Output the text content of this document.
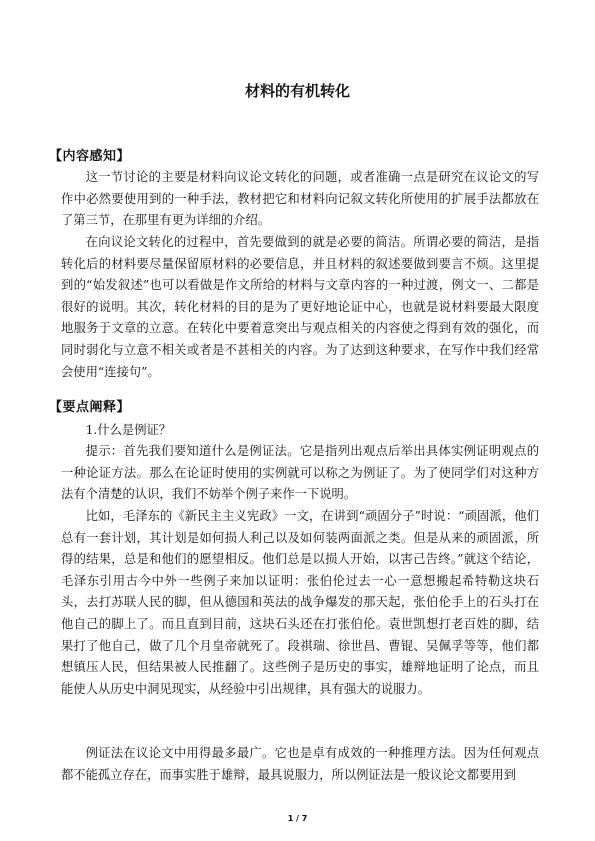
材料的有机转化
【内容感知】

这一节讨论的主要是材料向议论文转化的问题，或者准确一点是研究在议论文的写作中必然要使用到的一种手法，教材把它和材料向记叙文转化所使用的扩展手法都放在了第三节，在那里有更为详细的介绍。

在向议论文转化的过程中，首先要做到的就是必要的简洁。所谓必要的简洁，是指转化后的材料要尽量保留原材料的必要信息，并且材料的叙述要做到要言不烦。这里提到的“始发叙述”也可以看做是作文所给的材料与文章内容的一种过渡，例文一、二都是很好的说明。其次，转化材料的目的是为了更好地论证中心，也就是说材料要最大限度地服务于文章的立意。在转化中要着意突出与观点相关的内容使之得到有效的强化，而同时弱化与立意不相关或者是不甚相关的内容。为了达到这种要求，在写作中我们经常会使用“连接句”。

【要点阐释】

1.什么是例证？

提示：首先我们要知道什么是例证法。它是指列出观点后举出具体实例证明观点的一种论证方法。那么在论证时使用的实例就可以称之为例证了。为了使同学们对这种方法有个清楚的认识，我们不妨举个例子来作一下说明。

比如，毛泽东的《新民主主义宪政》一文，在讲到“顽固分子”时说：“顽固派，他们总有一套计划，其计划是如何损人利己以及如何装两面派之类。但是从来的顽固派，所得的结果，总是和他们的愿望相反。他们总是以损人开始，以害己告终。”就这个结论，毛泽东引用古今中外一些例子来加以证明：张伯伦过去一心一意想搬起希特勒这块石头，去打苏联人民的脚，但从德国和英法的战争爆发的那天起，张伯伦手上的石头打在他自己的脚上了。而且直到目前，这块石头还在打张伯伦。袁世凯想打老百姓的脚，结果打了他自己，做了几个月皇帝就死了。段祺瑞、徐世昌、曹锟、吴佩孚等等，他们都想镇压人民，但结果被人民推翻了。这些例子是历史的事实，雄辩地证明了论点，而且能使人从历史中洞见现实，从经验中引出规律，具有强大的说服力。

例证法在议论文中用得最多最广。它也是卓有成效的一种推理方法。因为任何观点都不能孤立存在，而事实胜于雄辩，最具说服力，所以例证法是一般议论文都要用到

1 / 7
